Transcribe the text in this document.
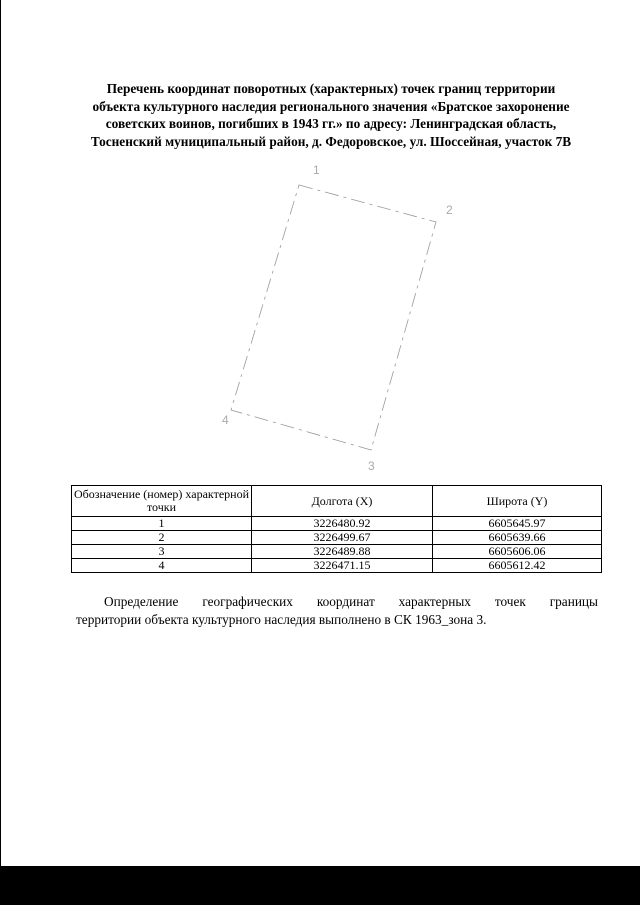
Перечень координат поворотных (характерных) точек границ территории
объекта культурного наследия регионального значения «Братское захоронение
советских воинов, погибших в 1943 гг.» по адресу: Ленинградская область,
Тосненский муниципальный район, д. Федоровское, ул. Шоссейная, участок 7В
1
2
3
4
Обозначение (номер) характерной точки	Долгота (X)	Широта (Y)
1	3226480.92	6605645.97
2	3226499.67	6605639.66
3	3226489.88	6605606.06
4	3226471.15	6605612.42
Определение географических координат характерных точек границы
территории объекта культурного наследия выполнено в СК 1963_зона 3.
